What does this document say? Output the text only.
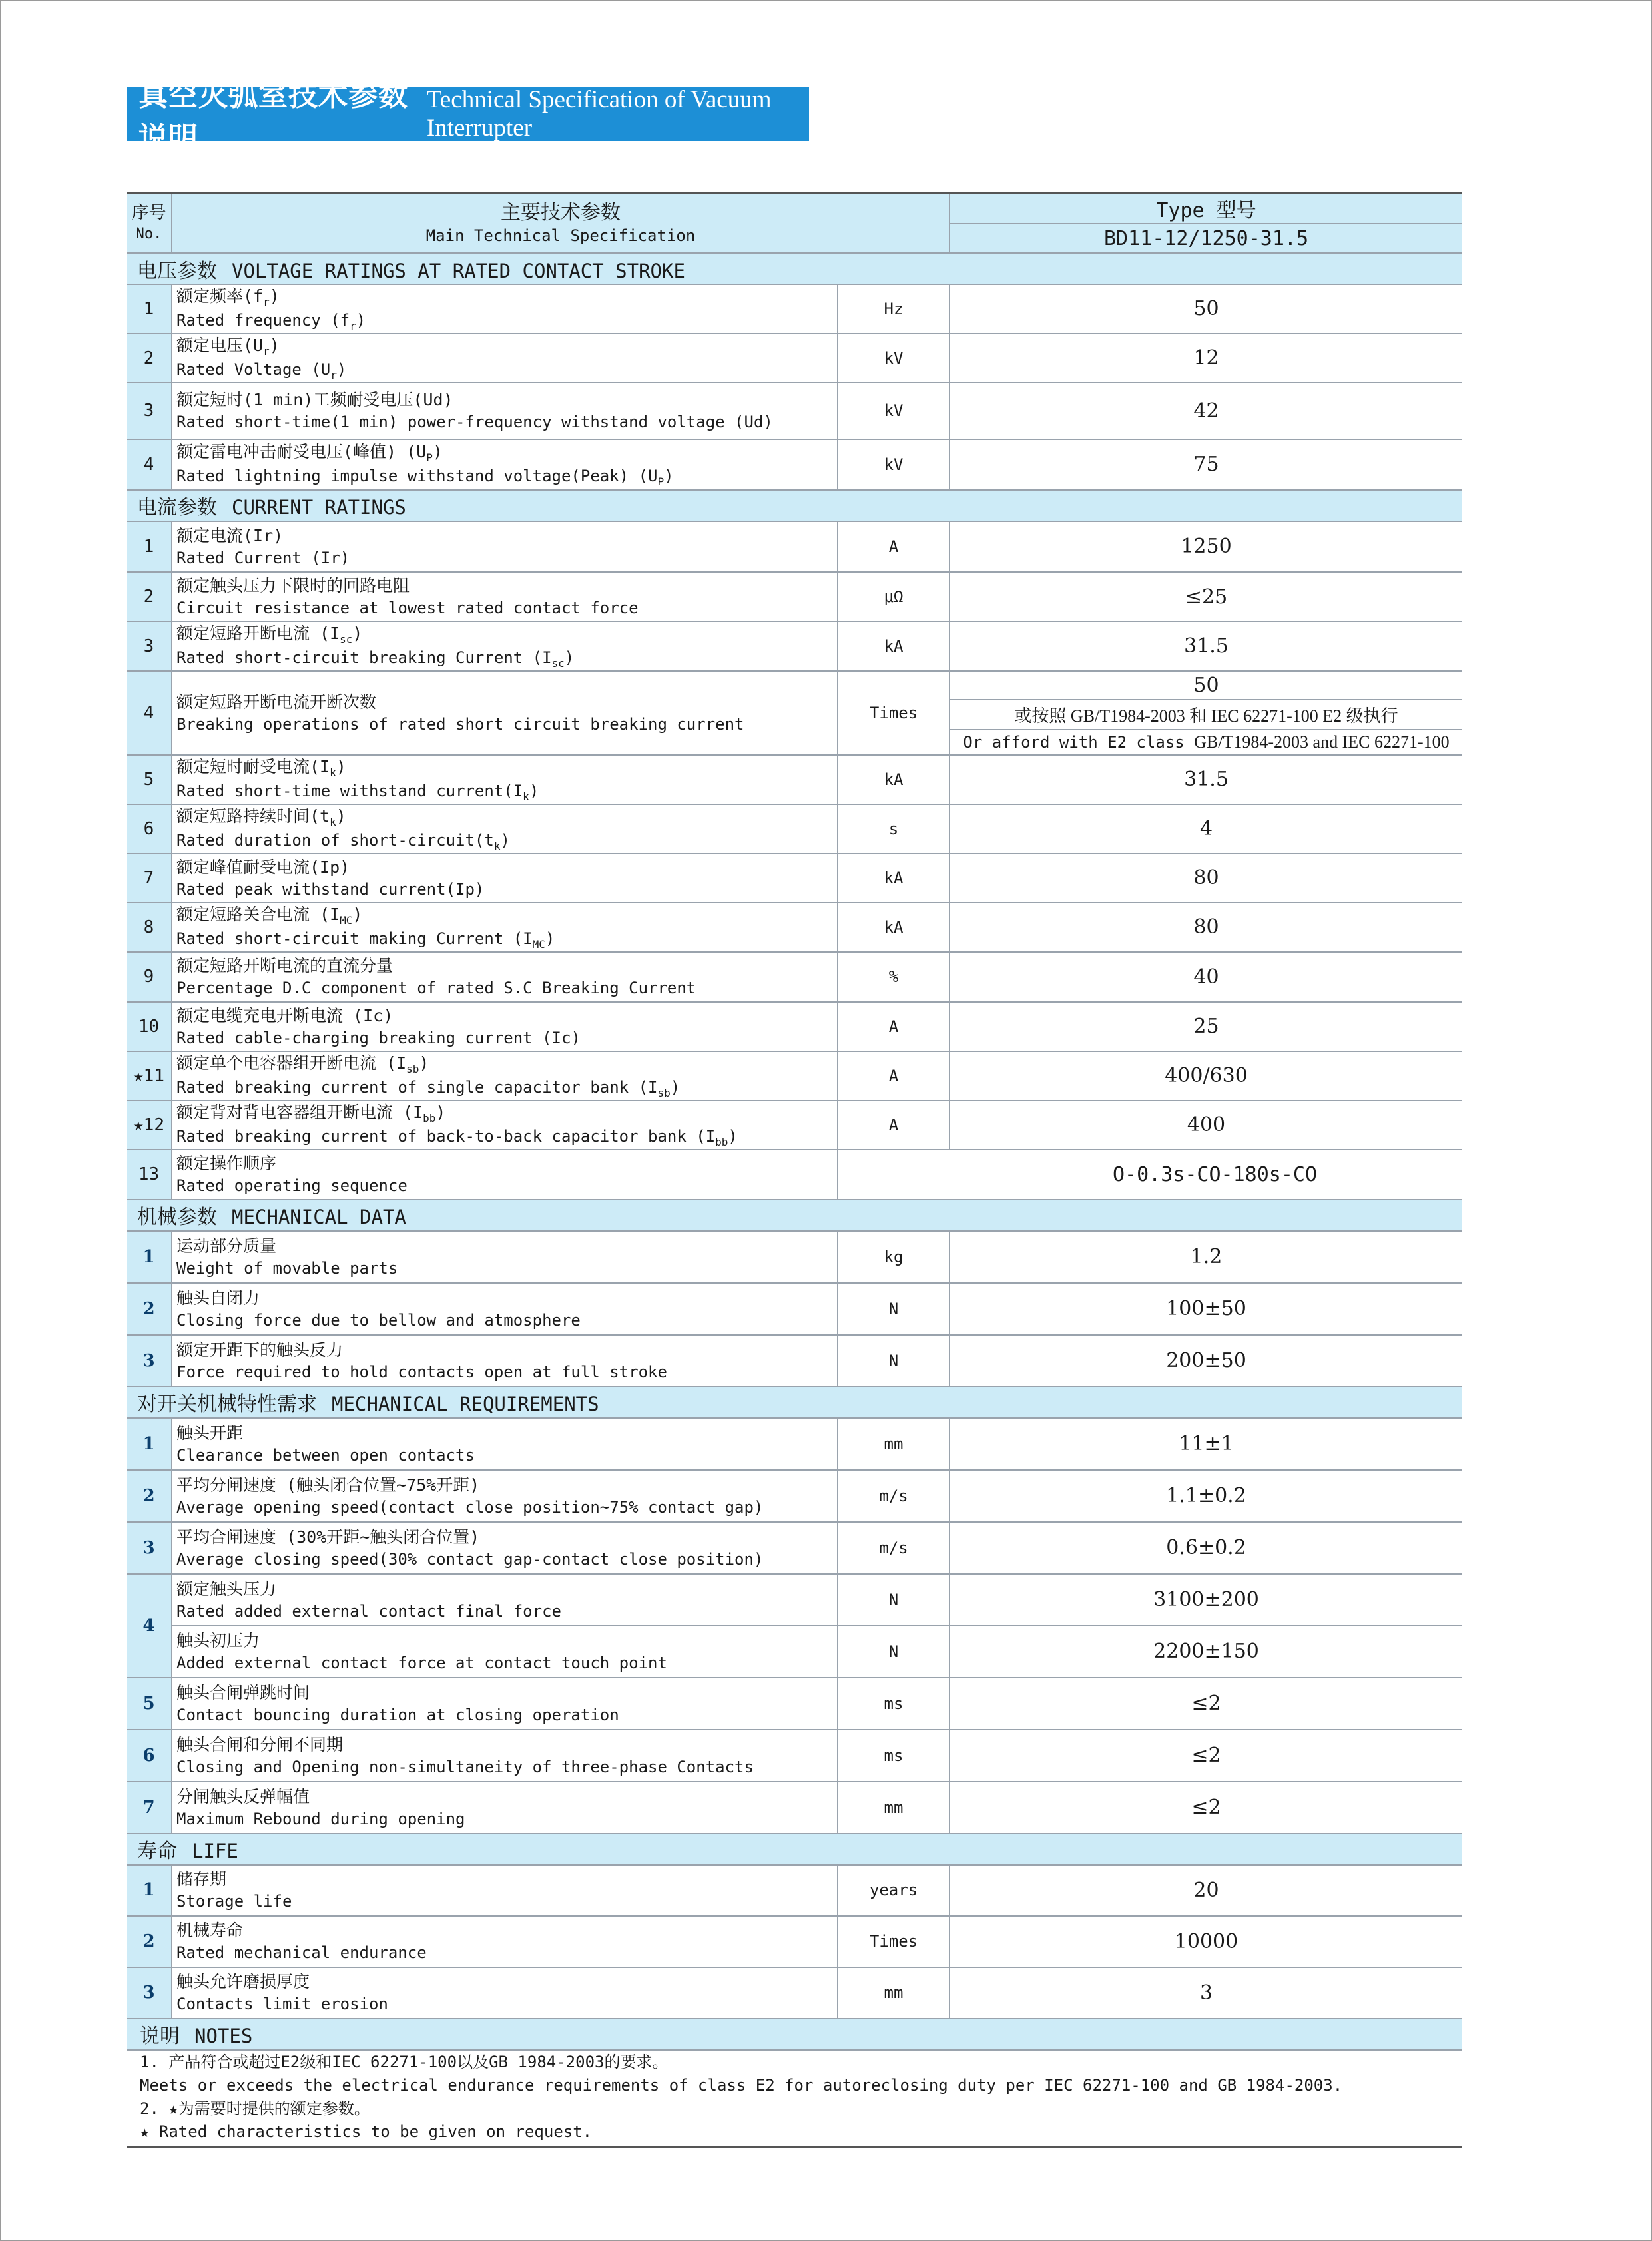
真空灭弧室技术参数说明
Technical Specification of Vacuum Interrupter
序号
No.	主要技术参数
Main Technical Specification		Type 型号
			BD11-12/1250-31.5
电压参数 VOLTAGE RATINGS AT RATED CONTACT STROKE			
1	额定频率$(f_r)$
Rated frequency $(f_r)$	Hz	50
2	额定电压$(U_r)$
Rated Voltage $(U_r)$	kV	12
3	额定短时(1 min)工频耐受电压(Ud)
Rated short-time(1 min) power-frequency withstand voltage (Ud)	kV	42
4	额定雷电冲击耐受电压(峰值) $(U_P)$
Rated lightning impulse withstand voltage(Peak) $(U_P)$	kV	75
电流参数 CURRENT RATINGS			
1	额定电流(Ir)
Rated Current (Ir)	A	1250
2	额定触头压力下限时的回路电阻
Circuit resistance at lowest rated contact force	μΩ	≤25
3	额定短路开断电流 $(I_{sc})$
Rated short-circuit breaking Current $(I_{sc})$	kA	31.5
4	额定短路开断电流开断次数
Breaking operations of rated short circuit breaking current	Times	50
或按照 GB/T1984-2003 和 IEC 62271-100 E2 级执行
Or afford with E2 class GB/T1984-2003 and IEC 62271-100

5	额定短时耐受电流$(I_k)$
Rated short-time withstand $current(I_k)$	kA	31.5
6	额定短路持续时间$(t_k)$
Rated duration of short-$circuit(t_k)$	s	4
7	额定峰值耐受电流(Ip)
Rated peak withstand current(Ip)	kA	80
8	额定短路关合电流 $(I_{MC})$
Rated short-circuit making Current $(I_{MC})$	kA	80
9	额定短路开断电流的直流分量
Percentage D.C component of rated S.C Breaking Current	%	40
10	额定电缆充电开断电流 (Ic)
Rated cable-charging breaking current (Ic)	A	25
★11	额定单个电容器组开断电流 $(I_{sb})$
Rated breaking current of single capacitor bank $(I_{sb})$	A	400/630
★12	额定背对背电容器组开断电流 $(I_{bb})$
Rated breaking current of back-to-back capacitor bank $(I_{bb})$	A	400
13	额定操作顺序
Rated operating sequence	O-0.3s-CO-180s-CO	
机械参数 MECHANICAL DATA			
1	运动部分质量
Weight of movable parts	kg	1.2
2	触头自闭力
Closing force due to bellow and atmosphere	N	100±50
3	额定开距下的触头反力
Force required to hold contacts open at full stroke	N	200±50
对开关机械特性需求 MECHANICAL REQUIREMENTS			
1	触头开距
Clearance between open contacts	mm	11±1
2	平均分闸速度 (触头闭合位置~75%开距)
Average opening speed(contact close position~75% contact gap)	m/s	1.1±0.2
3	平均合闸速度 (30%开距~触头闭合位置)
Average closing speed(30% contact gap-contact close position)	m/s	0.6±0.2
4	额定触头压力
Rated added external contact final force	N	3100±200

	触头初压力
Added external contact force at contact touch point	N	2200±150
5	触头合闸弹跳时间
Contact bouncing duration at closing operation	ms	≤2
6	触头合闸和分闸不同期
Closing and Opening non-simultaneity of three-phase Contacts	ms	≤2
7	分闸触头反弹幅值
Maximum Rebound during opening	mm	≤2
寿命 LIFE			
1	储存期
Storage life	years	20
2	机械寿命
Rated mechanical endurance	Times	10000
3	触头允许磨损厚度
Contacts limit erosion	mm	3
说明 NOTES			
1. 产品符合或超过E2级和IEC 62271-100以及GB 1984-2003的要求。
Meets or exceeds the electrical endurance requirements of class E2 for autoreclosing duty per IEC 62271-100 and GB 1984-2003.
2. ★为需要时提供的额定参数。
★ Rated characteristics to be given on request.
